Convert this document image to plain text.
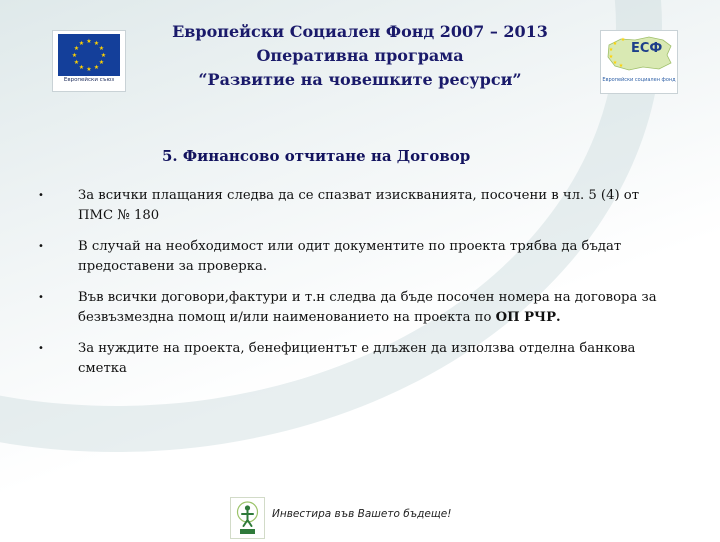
★ ★
★
★
★
★
★
★
★
★
★
★
Европейски съюз
Европейски Социален Фонд 2007 – 2013
Оперативна програма
“Развитие на човешките ресурси”
★
★
★
★ ★
★
ЕСФ
Европейски социален фонд
5. Финансово отчитане на Договор
•	За всички плащания следва да се спазват изискванията, посочени в чл. 5 (4) от ПМС № 180
•	В случай на необходимост или одит документите по проекта трябва да бъдат предоставени за проверка.
•	Във всички договори,фактури и т.н следва да бъде посочен номера на договора за безвъзмездна помощ и/или наименованието на проекта по ОП РЧР.
•	За нуждите на проекта, бенефициентът е длъжен да използва отделна банкова сметка
Инвестира във Вашето бъдеще!
